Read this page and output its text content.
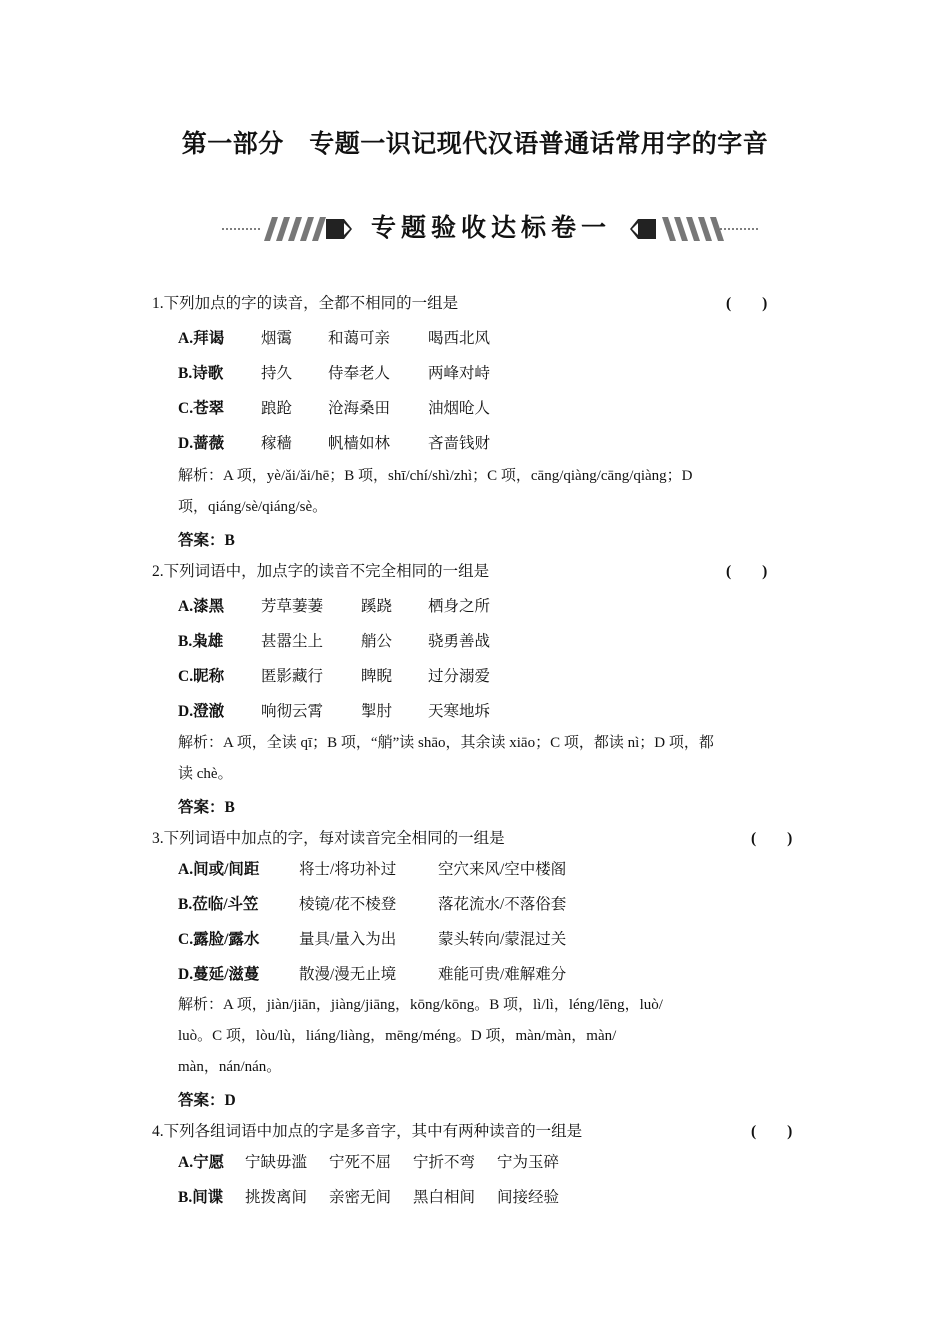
第一部分　专题一识记现代汉语普通话常用字的字音
专题验收达标卷一
1.下列加点的字的读音，全都不相同的一组是	(　　)
A.拜谒 烟霭 和蔼可亲 喝西北风
B.诗歌 持久 侍奉老人 两峰对峙
C.苍翠 踉跄 沧海桑田 油烟呛人
D.蔷薇 稼穑 帆樯如林 吝啬钱财
解析：A 项，yè/ǎi/ǎi/hē；B 项，shī/chí/shì/zhì；C 项，cāng/qiàng/cāng/qiàng；D
项，qiáng/sè/qiáng/sè。
答案：B
2.下列词语中，加点字的读音不完全相同的一组是	(　　)
A.漆黑 芳草萋萋 蹊跷 栖身之所
B.枭雄 甚嚣尘上 艄公 骁勇善战
C.昵称 匿影藏行 睥睨 过分溺爱
D.澄澈 响彻云霄 掣肘 天寒地坼
解析：A 项，全读 qī；B 项，“艄”读 shāo，其余读 xiāo；C 项，都读 nì；D 项，都
读 chè。
答案：B
3.下列词语中加点的字，每对读音完全相同的一组是	(　　)
A.间或/间距	将士/将功补过	空穴来风/空中楼阁
B.莅临/斗笠	棱镜/花不棱登	落花流水/不落俗套
C.露脸/露水	量具/量入为出	蒙头转向/蒙混过关
D.蔓延/滋蔓	散漫/漫无止境	难能可贵/难解难分
解析：A 项，jiàn/jiān，jiàng/jiāng，kōng/kōng。B 项，lì/lì，léng/lēng，luò/
luò。C 项，lòu/lù，liáng/liàng，mēng/méng。D 项，màn/màn，màn/
màn，nán/nán。
答案：D
4.下列各组词语中加点的字是多音字，其中有两种读音的一组是	(　　)
A.宁愿 宁缺毋滥 宁死不屈 宁折不弯 宁为玉碎
B.间谍 挑拨离间 亲密无间 黑白相间 间接经验
